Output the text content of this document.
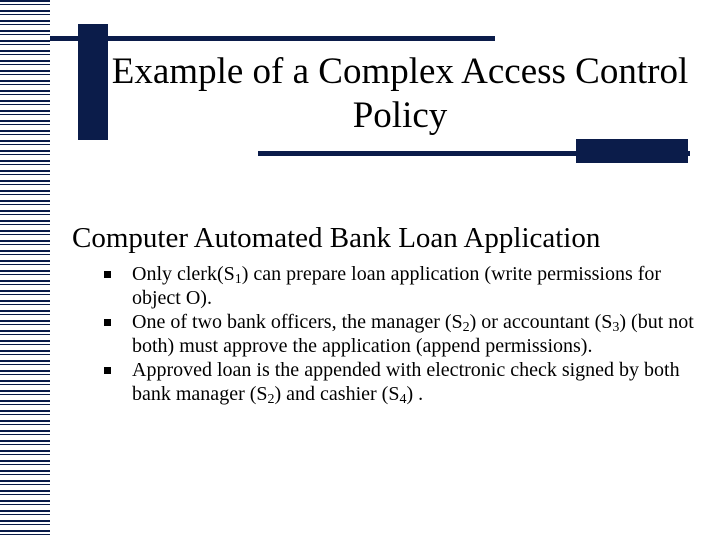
Example of a Complex Access Control Policy
Computer Automated Bank Loan Application
Only $clerk(S_1)$ can prepare loan application (write permissions for object O).
One of two bank officers, the manager $(S_2)$ or accountant $(S_3)$ (but not both) must approve the application (append permissions).
Approved loan is the appended with electronic check signed by both bank manager $(S_2)$ and cashier $(S_4)$ .
